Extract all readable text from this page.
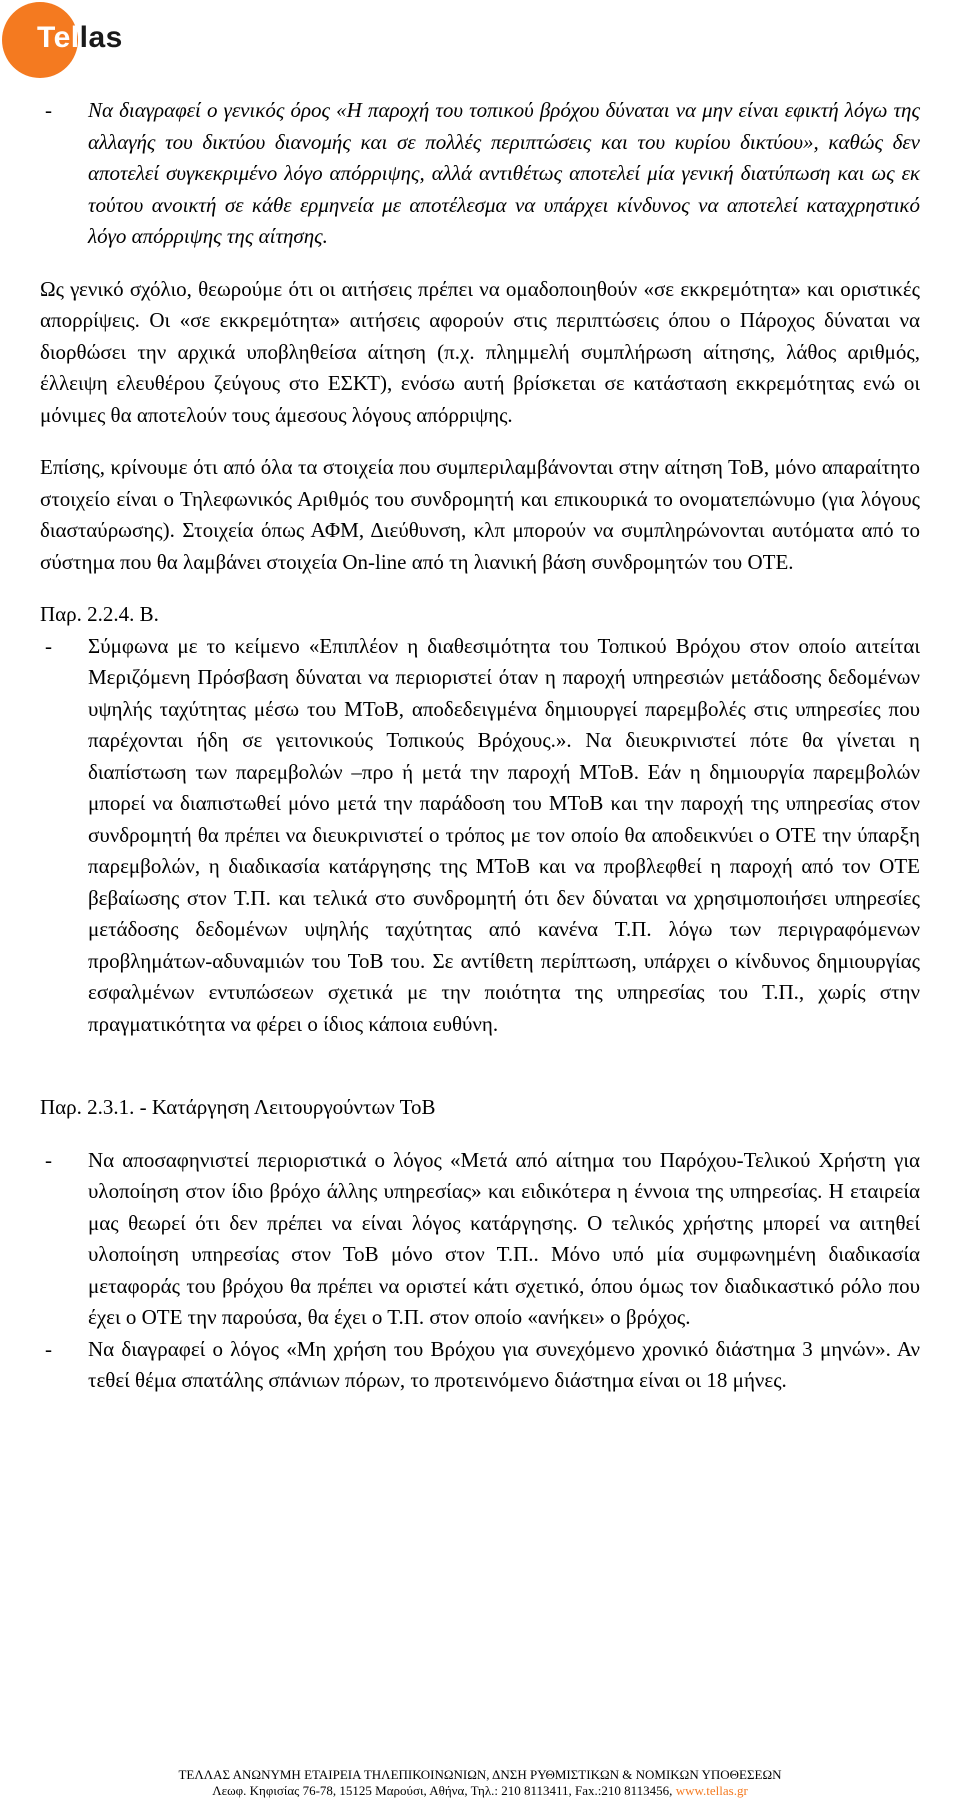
Tellas
- Να διαγραφεί ο γενικός όρος «Η παροχή του τοπικού βρόχου δύναται να μην είναι εφικτή λόγω της αλλαγής του δικτύου διανομής και σε πολλές περιπτώσεις και του κυρίου δικτύου», καθώς δεν αποτελεί συγκεκριμένο λόγο απόρριψης, αλλά αντιθέτως αποτελεί μία γενική διατύπωση και ως εκ τούτου ανοικτή σε κάθε ερμηνεία με αποτέλεσμα να υπάρχει κίνδυνος να αποτελεί καταχρηστικό λόγο απόρριψης της αίτησης.

Ως γενικό σχόλιο, θεωρούμε ότι οι αιτήσεις πρέπει να ομαδοποιηθούν «σε εκκρεμότητα» και οριστικές απορρίψεις. Οι «σε εκκρεμότητα» αιτήσεις αφορούν στις περιπτώσεις όπου ο Πάροχος δύναται να διορθώσει την αρχικά υποβληθείσα αίτηση (π.χ. πλημμελή συμπλήρωση αίτησης, λάθος αριθμός, έλλειψη ελευθέρου ζεύγους στο ΕΣΚΤ), ενόσω αυτή βρίσκεται σε κατάσταση εκκρεμότητας ενώ οι μόνιμες θα αποτελούν τους άμεσους λόγους απόρριψης.

Επίσης, κρίνουμε ότι από όλα τα στοιχεία που συμπεριλαμβάνονται στην αίτηση ΤοΒ, μόνο απαραίτητο στοιχείο είναι ο Τηλεφωνικός Αριθμός του συνδρομητή και επικουρικά το ονοματεπώνυμο (για λόγους διασταύρωσης). Στοιχεία όπως ΑΦΜ, Διεύθυνση, κλπ μπορούν να συμπληρώνονται αυτόματα από το σύστημα που θα λαμβάνει στοιχεία On-line από τη λιανική βάση συνδρομητών του ΟΤΕ.

Παρ. 2.2.4. Β.

- Σύμφωνα με το κείμενο «Επιπλέον η διαθεσιμότητα του Τοπικού Βρόχου στον οποίο αιτείται Μεριζόμενη Πρόσβαση δύναται να περιοριστεί όταν η παροχή υπηρεσιών μετάδοσης δεδομένων υψηλής ταχύτητας μέσω του ΜΤοΒ, αποδεδειγμένα δημιουργεί παρεμβολές στις υπηρεσίες που παρέχονται ήδη σε γειτονικούς Τοπικούς Βρόχους.». Να διευκρινιστεί πότε θα γίνεται η διαπίστωση των παρεμβολών –προ ή μετά την παροχή ΜΤοΒ. Εάν η δημιουργία παρεμβολών μπορεί να διαπιστωθεί μόνο μετά την παράδοση του ΜΤοΒ και την παροχή της υπηρεσίας στον συνδρομητή θα πρέπει να διευκρινιστεί ο τρόπος με τον οποίο θα αποδεικνύει ο ΟΤΕ την ύπαρξη παρεμβολών, η διαδικασία κατάργησης της ΜΤοΒ και να προβλεφθεί η παροχή από τον ΟΤΕ βεβαίωσης στον Τ.Π. και τελικά στο συνδρομητή ότι δεν δύναται να χρησιμοποιήσει υπηρεσίες μετάδοσης δεδομένων υψηλής ταχύτητας από κανένα Τ.Π. λόγω των περιγραφόμενων προβλημάτων-αδυναμιών του ΤοΒ του. Σε αντίθετη περίπτωση, υπάρχει ο κίνδυνος δημιουργίας εσφαλμένων εντυπώσεων σχετικά με την ποιότητα της υπηρεσίας του Τ.Π., χωρίς στην πραγματικότητα να φέρει ο ίδιος κάποια ευθύνη.

Παρ. 2.3.1. - Κατάργηση Λειτουργούντων ΤοΒ

- Να αποσαφηνιστεί περιοριστικά ο λόγος «Μετά από αίτημα του Παρόχου-Τελικού Χρήστη για υλοποίηση στον ίδιο βρόχο άλλης υπηρεσίας» και ειδικότερα η έννοια της υπηρεσίας. Η εταιρεία μας θεωρεί ότι δεν πρέπει να είναι λόγος κατάργησης. Ο τελικός χρήστης μπορεί να αιτηθεί υλοποίηση υπηρεσίας στον ΤοΒ μόνο στον Τ.Π.. Μόνο υπό μία συμφωνημένη διαδικασία μεταφοράς του βρόχου θα πρέπει να οριστεί κάτι σχετικό, όπου όμως τον διαδικαστικό ρόλο που έχει ο ΟΤΕ την παρούσα, θα έχει ο Τ.Π. στον οποίο «ανήκει» ο βρόχος.
- Να διαγραφεί ο λόγος «Μη χρήση του Βρόχου για συνεχόμενο χρονικό διάστημα 3 μηνών». Αν τεθεί θέμα σπατάλης σπάνιων πόρων, το προτεινόμενο διάστημα είναι οι 18 μήνες.
ΤΕΛΛΑΣ ΑΝΩΝΥΜΗ ΕΤΑΙΡΕΙΑ ΤΗΛΕΠΙΚΟΙΝΩΝΙΩΝ, ΔΝΣΗ ΡΥΘΜΙΣΤΙΚΩΝ & ΝΟΜΙΚΩΝ ΥΠΟΘΕΣΕΩΝ
Λεωφ. Κηφισίας 76-78, 15125 Μαρούσι, Αθήνα, Τηλ.: 210 8113411, Fax.:210 8113456, www.tellas.gr
